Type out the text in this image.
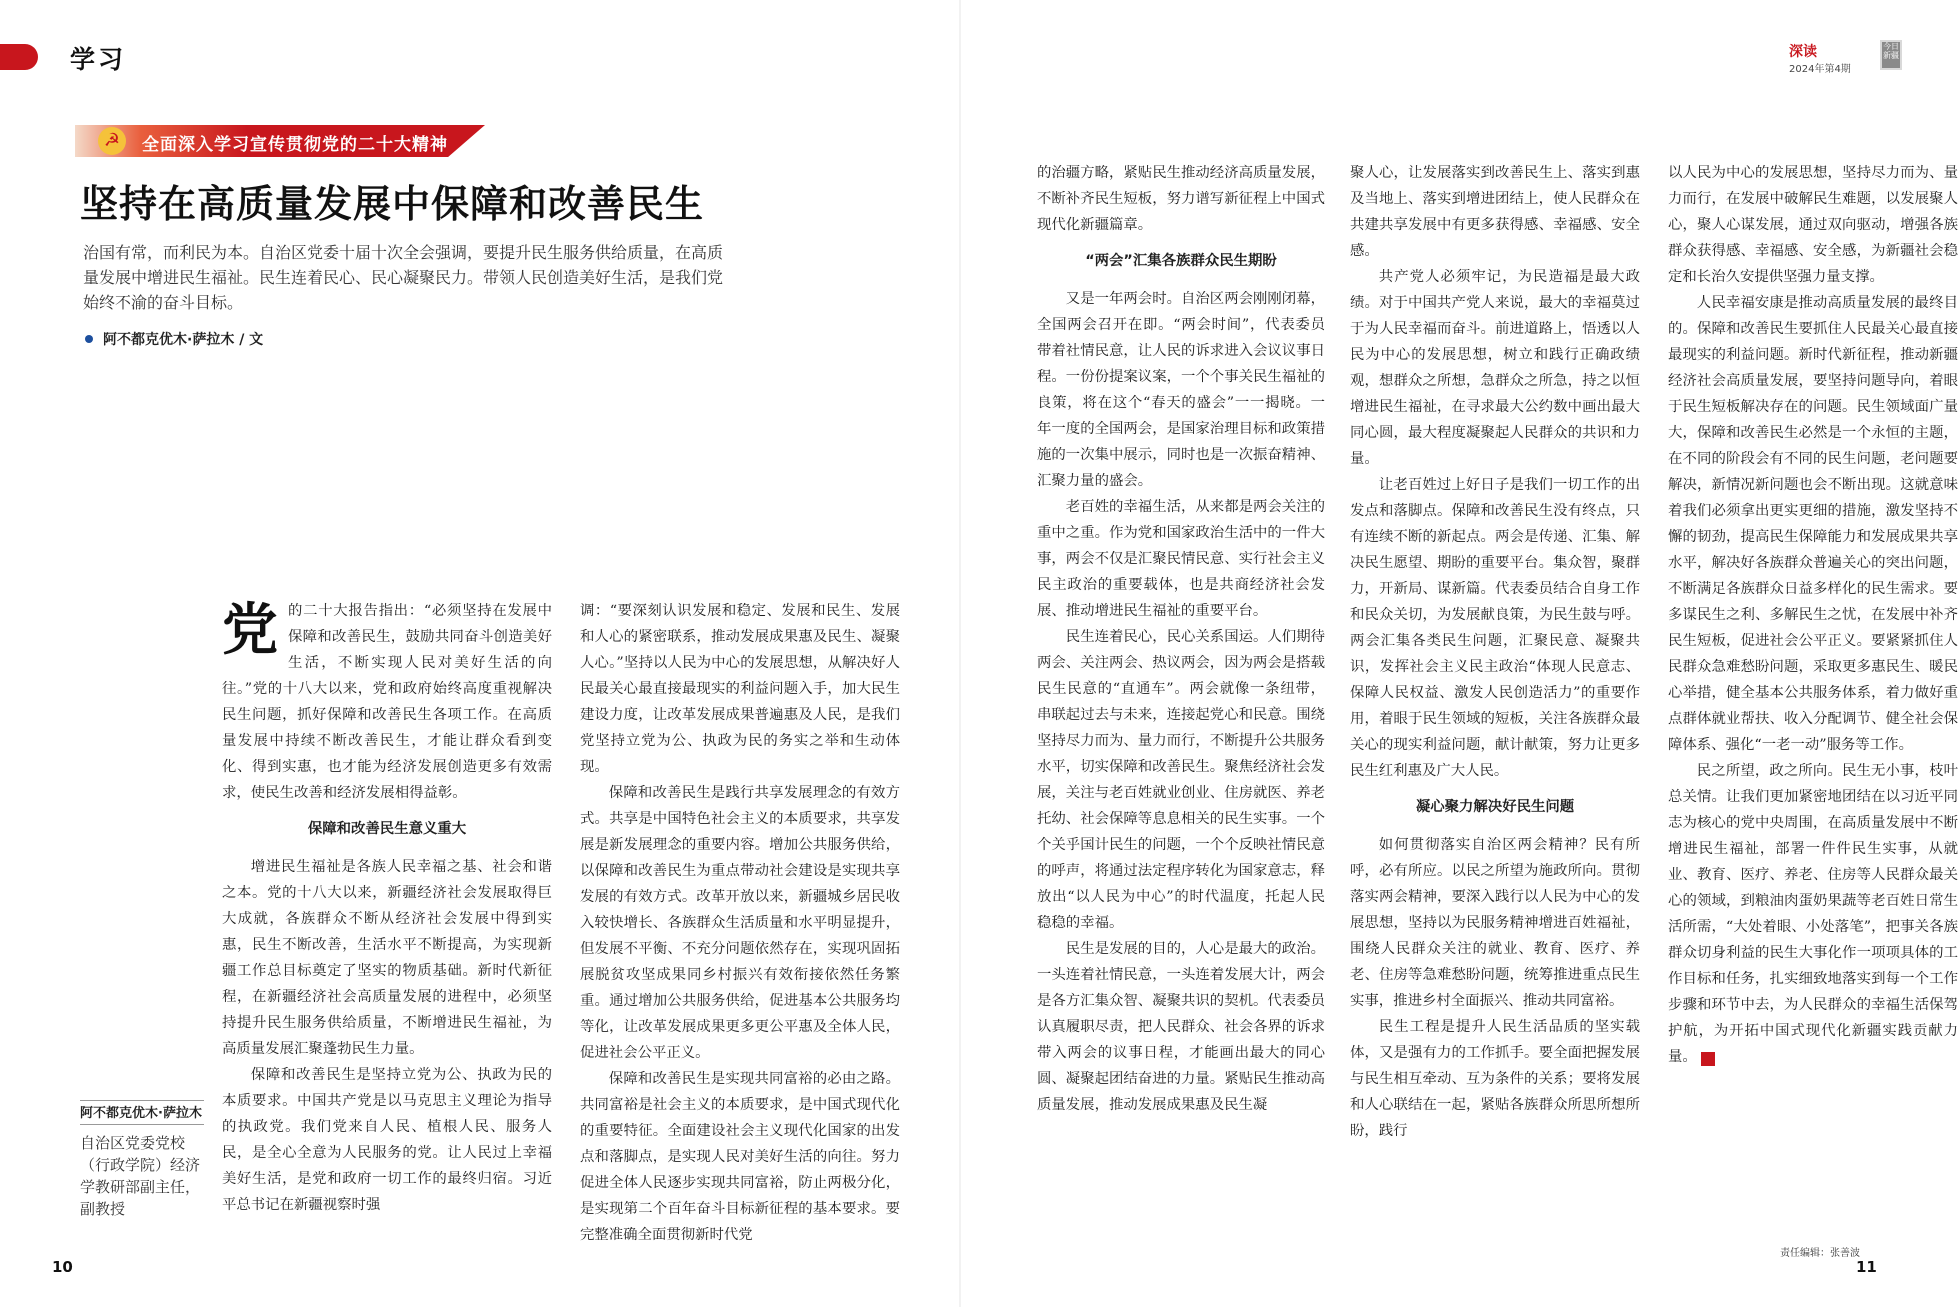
学习	深读
2024年第4期
今日新疆
☭	全面深入学习宣传贯彻党的二十大精神
坚持在高质量发展中保障和改善民生
治国有常，而利民为本。自治区党委十届十次全会强调，要提升民生服务供给质量，在高质量发展中增进民生福祉。民生连着民心、民心凝聚民力。带领人民创造美好生活，是我们党始终不渝的奋斗目标。
阿不都克优木·萨拉木 / 文
党 的二十大报告指出：“必须坚持在发展中保障和改善民生，鼓励共同奋斗创造美好生活，不断实现人民对美好生活的向往。”党的十八大以来，党和政府始终高度重视解决民生问题，抓好保障和改善民生各项工作。在高质量发展中持续不断改善民生，才能让群众看到变化、得到实惠，也才能为经济发展创造更多有效需求，使民生改善和经济发展相得益彰。

保障和改善民生意义重大

增进民生福祉是各族人民幸福之基、社会和谐之本。党的十八大以来，新疆经济社会发展取得巨大成就，各族群众不断从经济社会发展中得到实惠，民生不断改善，生活水平不断提高，为实现新疆工作总目标奠定了坚实的物质基础。新时代新征程，在新疆经济社会高质量发展的进程中，必须坚持提升民生服务供给质量，不断增进民生福祉，为高质量发展汇聚蓬勃民生力量。

保障和改善民生是坚持立党为公、执政为民的本质要求。中国共产党是以马克思主义理论为指导的执政党。我们党来自人民、植根人民、服务人民，是全心全意为人民服务的党。让人民过上幸福美好生活，是党和政府一切工作的最终归宿。习近平总书记在新疆视察时强

阿不都克优木·萨拉木
自治区党委党校（行政学院）经济学教研部副主任，副教授

调：“要深刻认识发展和稳定、发展和民生、发展和人心的紧密联系，推动发展成果惠及民生、凝聚人心。”坚持以人民为中心的发展思想，从解决好人民最关心最直接最现实的利益问题入手，加大民生建设力度，让改革发展成果普遍惠及人民，是我们党坚持立党为公、执政为民的务实之举和生动体现。

保障和改善民生是践行共享发展理念的有效方式。共享是中国特色社会主义的本质要求，共享发展是新发展理念的重要内容。增加公共服务供给，以保障和改善民生为重点带动社会建设是实现共享发展的有效方式。改革开放以来，新疆城乡居民收入较快增长、各族群众生活质量和水平明显提升，但发展不平衡、不充分问题依然存在，实现巩固拓展脱贫攻坚成果同乡村振兴有效衔接依然任务繁重。通过增加公共服务供给，促进基本公共服务均等化，让改革发展成果更多更公平惠及全体人民，促进社会公平正义。

保障和改善民生是实现共同富裕的必由之路。共同富裕是社会主义的本质要求，是中国式现代化的重要特征。全面建设社会主义现代化国家的出发点和落脚点，是实现人民对美好生活的向往。努力促进全体人民逐步实现共同富裕，防止两极分化，是实现第二个百年奋斗目标新征程的基本要求。要完整准确全面贯彻新时代党

的治疆方略，紧贴民生推动经济高质量发展，不断补齐民生短板，努力谱写新征程上中国式现代化新疆篇章。

“两会”汇集各族群众民生期盼

又是一年两会时。自治区两会刚刚闭幕，全国两会召开在即。“两会时间”，代表委员带着社情民意，让人民的诉求进入会议议事日程。一份份提案议案，一个个事关民生福祉的良策，将在这个“春天的盛会”一一揭晓。一年一度的全国两会，是国家治理目标和政策措施的一次集中展示，同时也是一次振奋精神、汇聚力量的盛会。

老百姓的幸福生活，从来都是两会关注的重中之重。作为党和国家政治生活中的一件大事，两会不仅是汇聚民情民意、实行社会主义民主政治的重要载体，也是共商经济社会发展、推动增进民生福祉的重要平台。

民生连着民心，民心关系国运。人们期待两会、关注两会、热议两会，因为两会是搭载民生民意的“直通车”。两会就像一条纽带，串联起过去与未来，连接起党心和民意。围绕坚持尽力而为、量力而行，不断提升公共服务水平，切实保障和改善民生。聚焦经济社会发展，关注与老百姓就业创业、住房就医、养老托幼、社会保障等息息相关的民生实事。一个个关乎国计民生的问题，一个个反映社情民意的呼声，将通过法定程序转化为国家意志，释放出“以人民为中心”的时代温度，托起人民稳稳的幸福。

民生是发展的目的，人心是最大的政治。一头连着社情民意，一头连着发展大计，两会是各方汇集众智、凝聚共识的契机。代表委员认真履职尽责，把人民群众、社会各界的诉求带入两会的议事日程，才能画出最大的同心圆、凝聚起团结奋进的力量。紧贴民生推动高质量发展，推动发展成果惠及民生凝

聚人心，让发展落实到改善民生上、落实到惠及当地上、落实到增进团结上，使人民群众在共建共享发展中有更多获得感、幸福感、安全感。

共产党人必须牢记，为民造福是最大政绩。对于中国共产党人来说，最大的幸福莫过于为人民幸福而奋斗。前进道路上，悟透以人民为中心的发展思想，树立和践行正确政绩观，想群众之所想，急群众之所急，持之以恒增进民生福祉，在寻求最大公约数中画出最大同心圆，最大程度凝聚起人民群众的共识和力量。

让老百姓过上好日子是我们一切工作的出发点和落脚点。保障和改善民生没有终点，只有连续不断的新起点。两会是传递、汇集、解决民生愿望、期盼的重要平台。集众智，聚群力，开新局、谋新篇。代表委员结合自身工作和民众关切，为发展献良策，为民生鼓与呼。两会汇集各类民生问题，汇聚民意、凝聚共识，发挥社会主义民主政治“体现人民意志、保障人民权益、激发人民创造活力”的重要作用，着眼于民生领域的短板，关注各族群众最关心的现实利益问题，献计献策，努力让更多民生红利惠及广大人民。

凝心聚力解决好民生问题

如何贯彻落实自治区两会精神？民有所呼，必有所应。以民之所望为施政所向。贯彻落实两会精神，要深入践行以人民为中心的发展思想，坚持以为民服务精神增进百姓福祉，围绕人民群众关注的就业、教育、医疗、养老、住房等急难愁盼问题，统筹推进重点民生实事，推进乡村全面振兴、推动共同富裕。

民生工程是提升人民生活品质的坚实载体，又是强有力的工作抓手。要全面把握发展与民生相互牵动、互为条件的关系；要将发展和人心联结在一起，紧贴各族群众所思所想所盼，践行

以人民为中心的发展思想，坚持尽力而为、量力而行，在发展中破解民生难题，以发展聚人心，聚人心谋发展，通过双向驱动，增强各族群众获得感、幸福感、安全感，为新疆社会稳定和长治久安提供坚强力量支撑。

人民幸福安康是推动高质量发展的最终目的。保障和改善民生要抓住人民最关心最直接最现实的利益问题。新时代新征程，推动新疆经济社会高质量发展，要坚持问题导向，着眼于民生短板解决存在的问题。民生领域面广量大，保障和改善民生必然是一个永恒的主题，在不同的阶段会有不同的民生问题，老问题要解决，新情况新问题也会不断出现。这就意味着我们必须拿出更实更细的措施，激发坚持不懈的韧劲，提高民生保障能力和发展成果共享水平，解决好各族群众普遍关心的突出问题，不断满足各族群众日益多样化的民生需求。要多谋民生之利、多解民生之忧，在发展中补齐民生短板，促进社会公平正义。要紧紧抓住人民群众急难愁盼问题，采取更多惠民生、暖民心举措，健全基本公共服务体系，着力做好重点群体就业帮扶、收入分配调节、健全社会保障体系、强化“一老一动”服务等工作。

民之所望，政之所向。民生无小事，枝叶总关情。让我们更加紧密地团结在以习近平同志为核心的党中央周围，在高质量发展中不断增进民生福祉，部署一件件民生实事，从就业、教育、医疗、养老、住房等人民群众最关心的领域，到粮油肉蛋奶果蔬等老百姓日常生活所需，“大处着眼、小处落笔”，把事关各族群众切身利益的民生大事化作一项项具体的工作目标和任务，扎实细致地落实到每一个工作步骤和环节中去，为人民群众的幸福生活保驾护航，为开拓中国式现代化新疆实践贡献力量。	J

10	11
责任编辑：张善波
